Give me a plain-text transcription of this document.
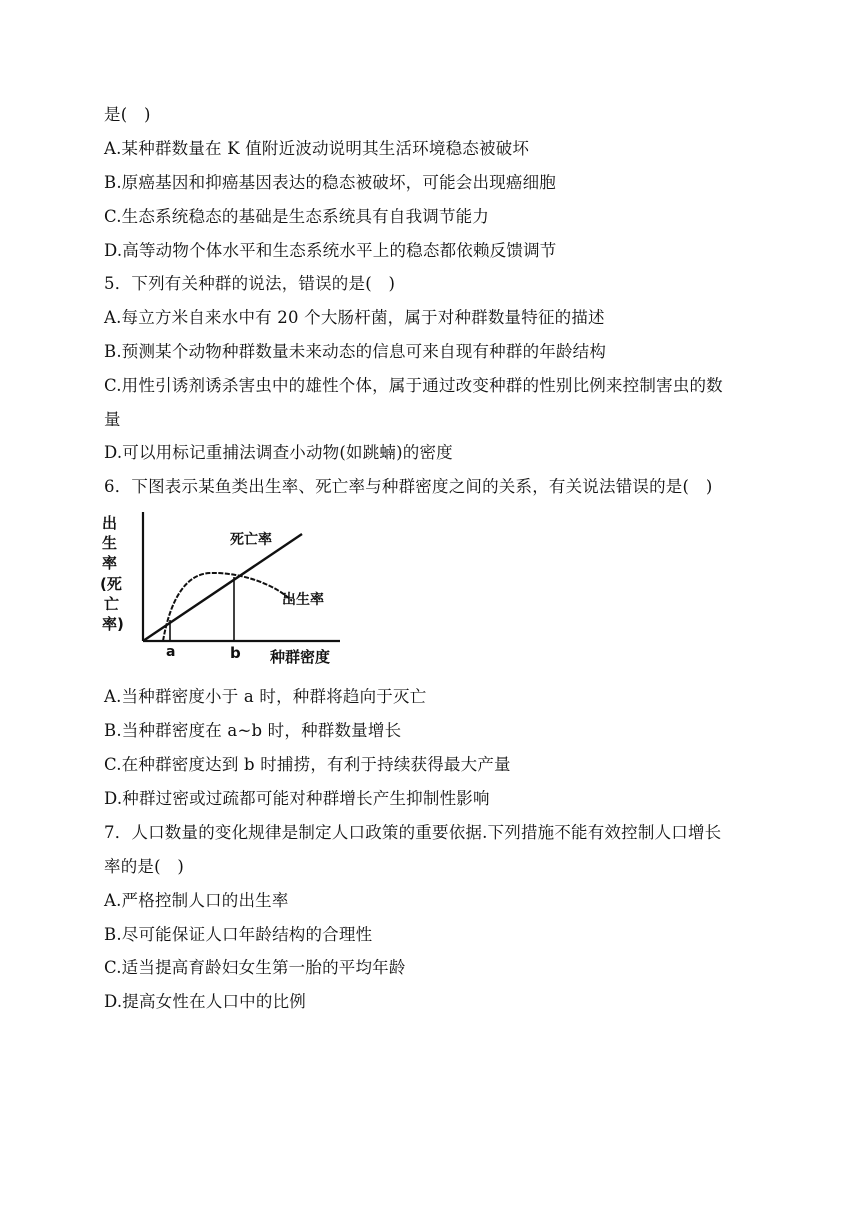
是(　)
A.某种群数量在 K 值附近波动说明其生活环境稳态被破坏
B.原癌基因和抑癌基因表达的稳态被破坏，可能会出现癌细胞
C.生态系统稳态的基础是生态系统具有自我调节能力
D.高等动物个体水平和生态系统水平上的稳态都依赖反馈调节
5．下列有关种群的说法，错误的是(　)
A.每立方米自来水中有 20 个大肠杆菌，属于对种群数量特征的描述
B.预测某个动物种群数量未来动态的信息可来自现有种群的年龄结构
C.用性引诱剂诱杀害虫中的雄性个体，属于通过改变种群的性别比例来控制害虫的数
量
D.可以用标记重捕法调查小动物(如跳蝻)的密度
6．下图表示某鱼类出生率、死亡率与种群密度之间的关系，有关说法错误的是(　)
出
生
率
(死
亡
率)
死亡率
出生率
a	b 种群密度
A.当种群密度小于 a 时，种群将趋向于灭亡
B.当种群密度在 a~b 时，种群数量增长
C.在种群密度达到 b 时捕捞，有利于持续获得最大产量
D.种群过密或过疏都可能对种群增长产生抑制性影响
7．人口数量的变化规律是制定人口政策的重要依据.下列措施不能有效控制人口增长
率的是(　)
A.严格控制人口的出生率
B.尽可能保证人口年龄结构的合理性
C.适当提高育龄妇女生第一胎的平均年龄
D.提高女性在人口中的比例
